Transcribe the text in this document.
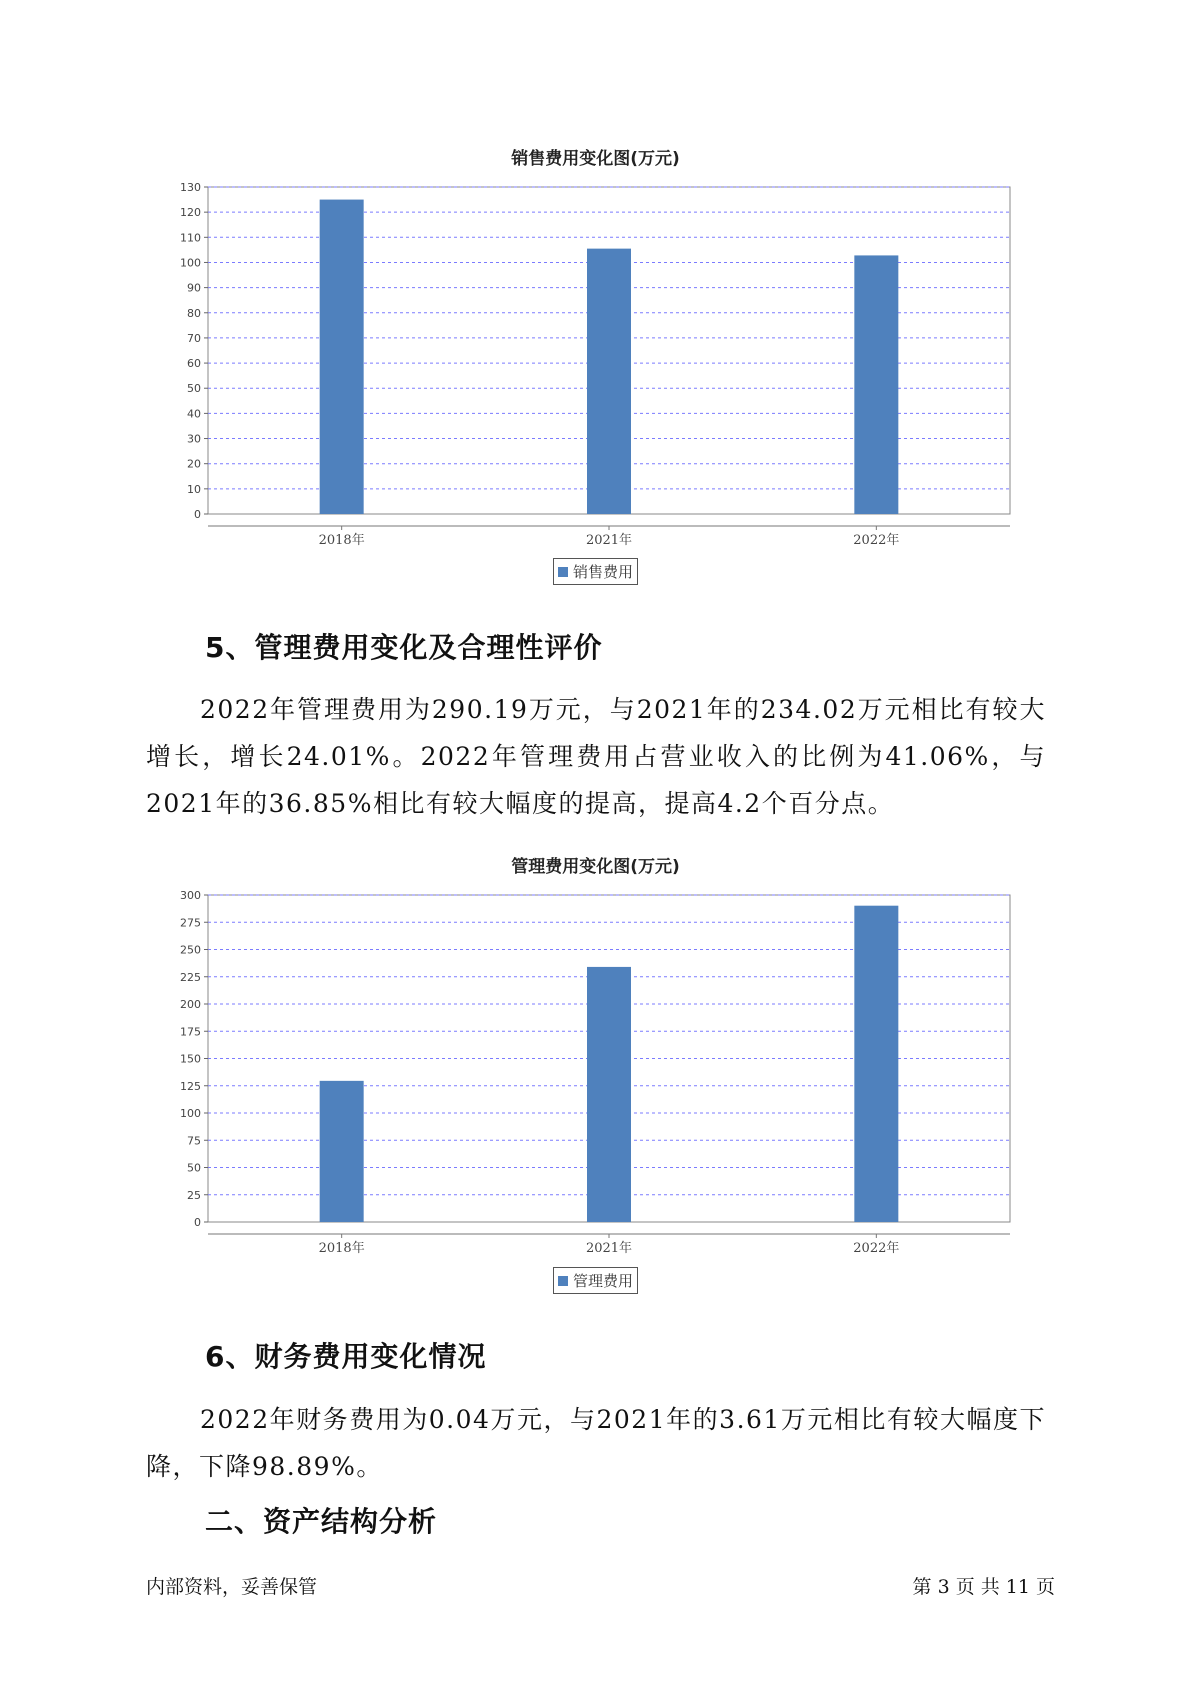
销售费用变化图(万元)
0
10
20
30
40
50
60
70
80
90
100
110
120
130
2018年	2021年	2022年
销售费用
5、管理费用变化及合理性评价

2022年管理费用为290.19万元，与2021年的234.02万元相比有较大增长，增长24.01%。2022年管理费用占营业收入的比例为41.06%，与2021年的36.85%相比有较大幅度的提高，提高4.2个百分点。

管理费用变化图(万元)
0
25
50
75
100
125
150
175
200
225
250
275
300
2018年	2021年	2022年
管理费用
6、财务费用变化情况

2022年财务费用为0.04万元，与2021年的3.61万元相比有较大幅度下降，下降98.89%。

二、资产结构分析
内部资料，妥善保管	第 3 页 共 11 页
